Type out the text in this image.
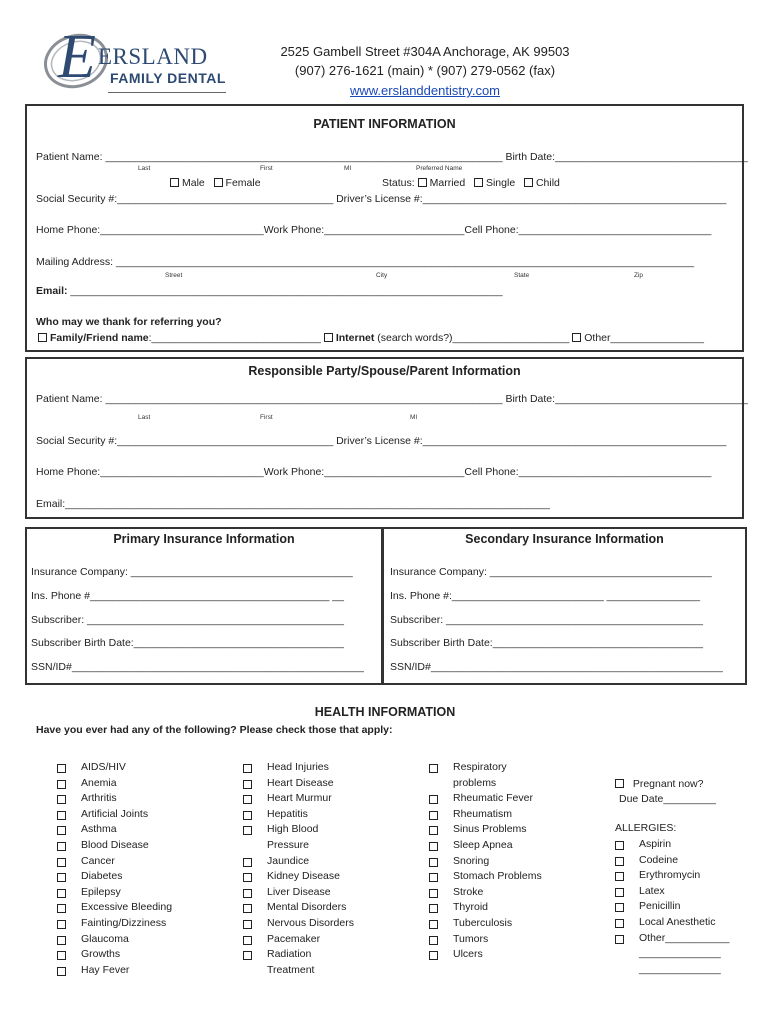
E ERSLAND
FAMILY DENTAL
2525 Gambell Street #304A Anchorage, AK 99503
(907) 276-1621 (main) * (907) 279-0562 (fax)
www.erslanddentistry.com
PATIENT INFORMATION
Patient Name: ____________________________________________________________________ Birth Date:_________________________________
Last	First	MI	Preferred Name
Male Female	Status: Married Single Child
Social Security #:_____________________________________ Driver’s License #:____________________________________________________
Home Phone:____________________________Work Phone:________________________Cell Phone:_________________________________
Mailing Address: ___________________________________________________________________________________________________
Street	City	State	Zip
Email: __________________________________________________________________________
Who may we thank for referring you?
Family/Friend name:_____________________________ Internet (search words?)____________________ Other________________
Responsible Party/Spouse/Parent Information
Patient Name: ____________________________________________________________________ Birth Date:_________________________________
Last	First	MI
Social Security #:_____________________________________ Driver’s License #:____________________________________________________
Home Phone:____________________________Work Phone:________________________Cell Phone:_________________________________
Email:___________________________________________________________________________________
Primary Insurance Information	Secondary Insurance Information
Insurance Company: ______________________________________
Ins. Phone #_________________________________________ __
Subscriber: ____________________________________________
Subscriber Birth Date:____________________________________
SSN/ID#__________________________________________________
Insurance Company: ______________________________________
Ins. Phone #:__________________________ ________________
Subscriber: ____________________________________________
Subscriber Birth Date:____________________________________
SSN/ID#__________________________________________________
HEALTH INFORMATION
Have you ever had any of the following? Please check those that apply:
AIDS/HIV
Anemia
Arthritis
Artificial Joints
Asthma
Blood Disease
Cancer
Diabetes
Epilepsy
Excessive Bleeding
Fainting/Dizziness
Glaucoma
Growths
Hay Fever
Head Injuries
Heart Disease
Heart Murmur
Hepatitis
High Blood
Pressure
Jaundice
Kidney Disease
Liver Disease
Mental Disorders
Nervous Disorders
Pacemaker
Radiation
Treatment
Respiratory
problems
Rheumatic Fever
Rheumatism
Sinus Problems
Sleep Apnea
Snoring
Stomach Problems
Stroke
Thyroid
Tuberculosis
Tumors
Ulcers
Pregnant now?
Due Date_________
ALLERGIES:
Aspirin
Codeine
Erythromycin
Latex
Penicillin
Local Anesthetic
Other___________
______________
______________
